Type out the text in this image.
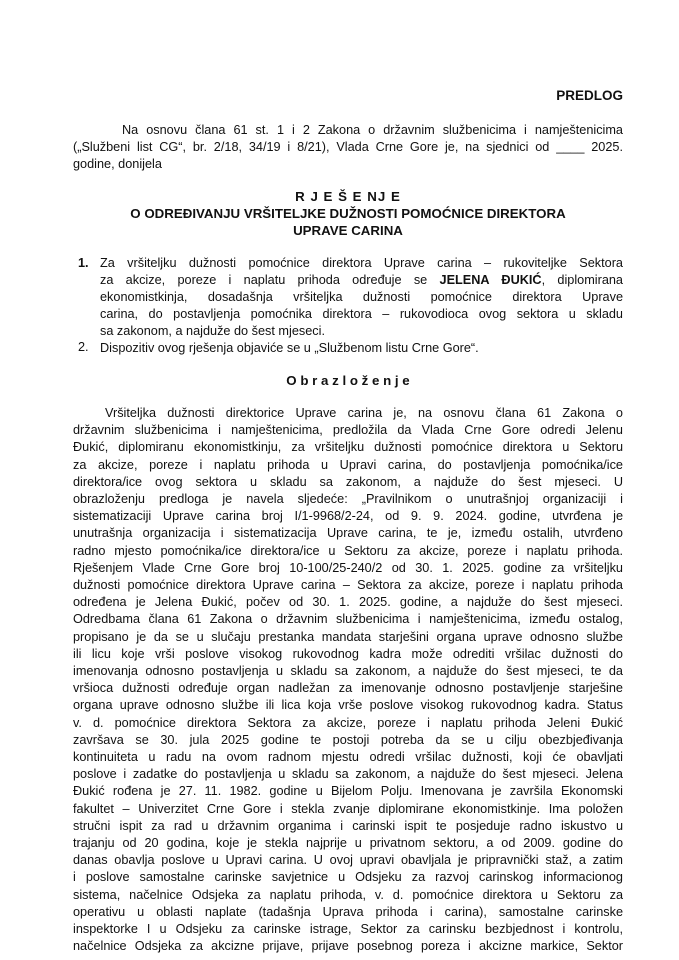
PREDLOG
Na osnovu člana 61 st. 1 i 2 Zakona o državnim službenicima i namještenicima
(„Službeni list CG“, br. 2/18, 34/19 i 8/21), Vlada Crne Gore je, na sjednici od ____ 2025.
godine, donijela
R J E Š E NJ E
O ODREĐIVANJU VRŠITELJKE DUŽNOSTI POMOĆNICE DIREKTORA
UPRAVE CARINA
1.
2.
Za vršiteljku dužnosti pomoćnice direktora Uprave carina – rukoviteljke Sektora
za akcize, poreze i naplatu prihoda određuje se JELENA ĐUKIĆ, diplomirana
ekonomistkinja, dosadašnja vršiteljka dužnosti pomoćnice direktora Uprave
carina, do postavljenja pomoćnika direktora – rukovodioca ovog sektora u skladu
sa zakonom, a najduže do šest mjeseci.
Dispozitiv ovog rješenja objaviće se u „Službenom listu Crne Gore“.
O b r a z l o ž e n j e
Vršiteljka dužnosti direktorice Uprave carina je, na osnovu člana 61 Zakona o
državnim službenicima i namještenicima, predložila da Vlada Crne Gore odredi Jelenu
Đukić, diplomiranu ekonomistkinju, za vršiteljku dužnosti pomoćnice direktora u Sektoru
za akcize, poreze i naplatu prihoda u Upravi carina, do postavljenja pomoćnika/ice
direktora/ice ovog sektora u skladu sa zakonom, a najduže do šest mjeseci. U
obrazloženju predloga je navela sljedeće: „Pravilnikom o unutrašnjoj organizaciji i
sistematizaciji Uprave carina broj I/1-9968/2-24, od 9. 9. 2024. godine, utvrđena je
unutrašnja organizacija i sistematizacija Uprave carina, te je, između ostalih, utvrđeno
radno mjesto pomoćnika/ice direktora/ice u Sektoru za akcize, poreze i naplatu prihoda.
Rješenjem Vlade Crne Gore broj 10-100/25-240/2 od 30. 1. 2025. godine za vršiteljku
dužnosti pomoćnice direktora Uprave carina – Sektora za akcize, poreze i naplatu prihoda
određena je Jelena Đukić, počev od 30. 1. 2025. godine, a najduže do šest mjeseci.
Odredbama člana 61 Zakona o državnim službenicima i namještenicima, između ostalog,
propisano je da se u slučaju prestanka mandata starješini organa uprave odnosno službe
ili licu koje vrši poslove visokog rukovodnog kadra može odrediti vršilac dužnosti do
imenovanja odnosno postavljenja u skladu sa zakonom, a najduže do šest mjeseci, te da
vršioca dužnosti određuje organ nadležan za imenovanje odnosno postavljenje starješine
organa uprave odnosno službe ili lica koja vrše poslove visokog rukovodnog kadra. Status
v. d. pomoćnice direktora Sektora za akcize, poreze i naplatu prihoda Jeleni Đukić
završava se 30. jula 2025 godine te postoji potreba da se u cilju obezbjeđivanja
kontinuiteta u radu na ovom radnom mjestu odredi vršilac dužnosti, koji će obavljati
poslove i zadatke do postavljenja u skladu sa zakonom, a najduže do šest mjeseci. Jelena
Đukić rođena je 27. 11. 1982. godine u Bijelom Polju. Imenovana je završila Ekonomski
fakultet – Univerzitet Crne Gore i stekla zvanje diplomirane ekonomistkinje. Ima položen
stručni ispit za rad u državnim organima i carinski ispit te posjeduje radno iskustvo u
trajanju od 20 godina, koje je stekla najprije u privatnom sektoru, a od 2009. godine do
danas obavlja poslove u Upravi carina. U ovoj upravi obavljala je pripravnički staž, a zatim
i poslove samostalne carinske savjetnice u Odsjeku za razvoj carinskog informacionog
sistema, načelnice Odsjeka za naplatu prihoda, v. d. pomoćnice direktora u Sektoru za
operativu u oblasti naplate (tadašnja Uprava prihoda i carina), samostalne carinske
inspektorke I u Odsjeku za carinske istrage, Sektor za carinsku bezbjednost i kontrolu,
načelnice Odsjeka za akcizne prijave, prijave posebnog poreza i akcizne markice, Sektor
